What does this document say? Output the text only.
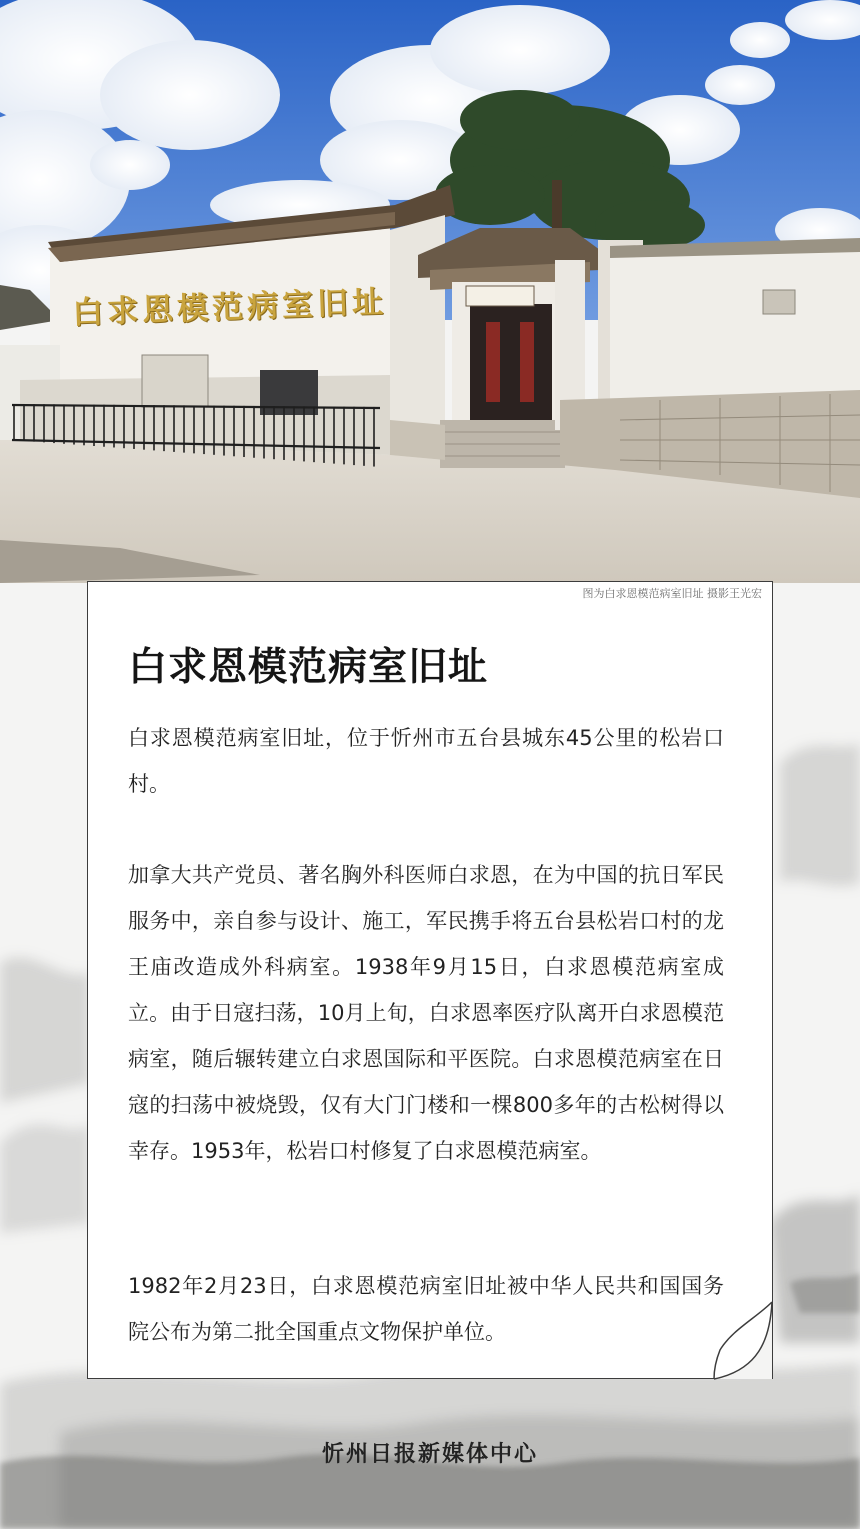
白求恩模范病室旧址
图为白求恩模范病室旧址 摄影王光宏
白求恩模范病室旧址
白求恩模范病室旧址，位于忻州市五台县城东45公里的松岩口村。
加拿大共产党员、著名胸外科医师白求恩，在为中国的抗日军民服务中，亲自参与设计、施工，军民携手将五台县松岩口村的龙王庙改造成外科病室。1938年9月15日，白求恩模范病室成立。由于日寇扫荡，10月上旬，白求恩率医疗队离开白求恩模范病室，随后辗转建立白求恩国际和平医院。白求恩模范病室在日寇的扫荡中被烧毁，仅有大门门楼和一棵800多年的古松树得以幸存。1953年，松岩口村修复了白求恩模范病室。
1982年2月23日，白求恩模范病室旧址被中华人民共和国国务院公布为第二批全国重点文物保护单位。
忻州日报新媒体中心
